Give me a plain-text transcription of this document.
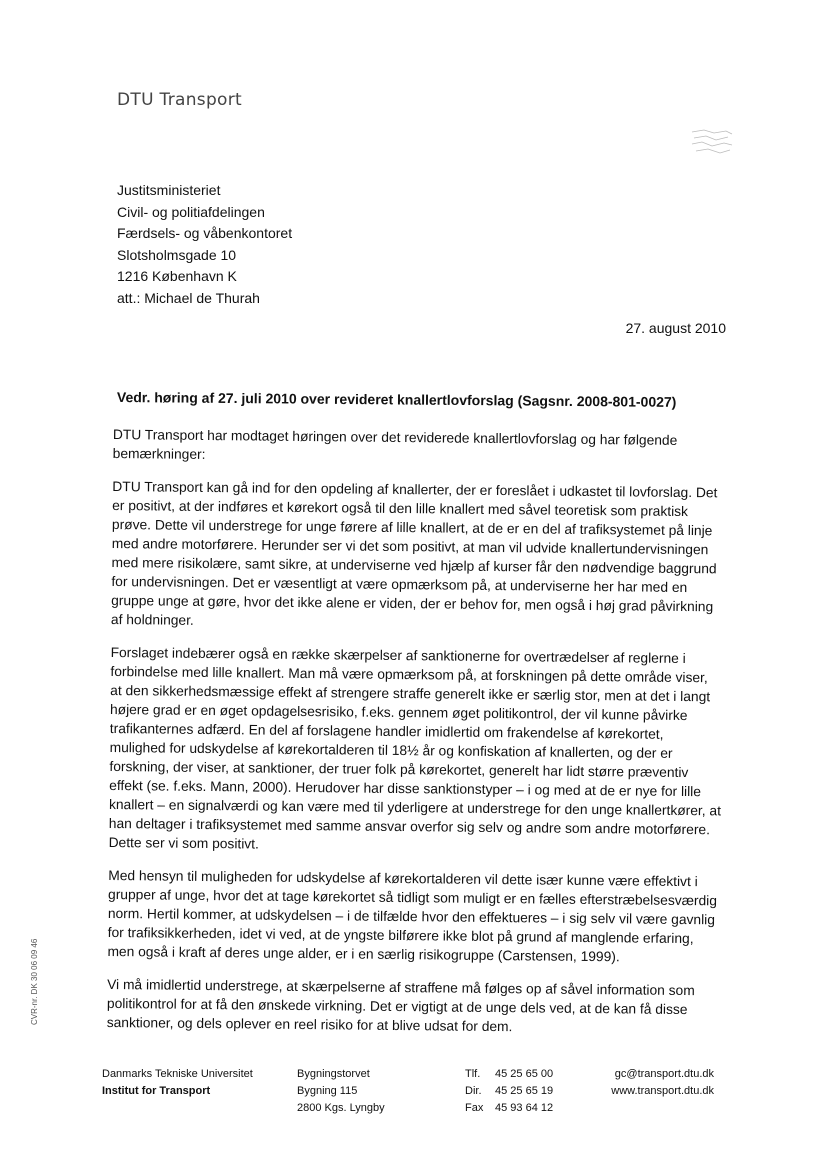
DTU Transport
Justitsministeriet
Civil- og politiafdelingen
Færdsels- og våbenkontoret
Slotsholmsgade 10
1216 København K
att.: Michael de Thurah
27. august 2010
Vedr. høring af 27. juli 2010 over revideret knallertlovforslag (Sagsnr. 2008-801-0027)

DTU Transport har modtaget høringen over det reviderede knallertlovforslag og har følgende bemærkninger:

DTU Transport kan gå ind for den opdeling af knallerter, der er foreslået i udkastet til lovforslag. Det er positivt, at der indføres et kørekort også til den lille knallert med såvel teoretisk som praktisk prøve. Dette vil understrege for unge førere af lille knallert, at de er en del af trafiksystemet på linje med andre motorførere. Herunder ser vi det som positivt, at man vil udvide knallertundervisningen med mere risikolære, samt sikre, at underviserne ved hjælp af kurser får den nødvendige baggrund for undervisningen. Det er væsentligt at være opmærksom på, at underviserne her har med en gruppe unge at gøre, hvor det ikke alene er viden, der er behov for, men også i høj grad påvirkning af holdninger.

Forslaget indebærer også en række skærpelser af sanktionerne for overtrædelser af reglerne i forbindelse med lille knallert. Man må være opmærksom på, at forskningen på dette område viser, at den sikkerhedsmæssige effekt af strengere straffe generelt ikke er særlig stor, men at det i langt højere grad er en øget opdagelsesrisiko, f.eks. gennem øget politikontrol, der vil kunne påvirke trafikanternes adfærd. En del af forslagene handler imidlertid om frakendelse af kørekortet, mulighed for udskydelse af kørekortalderen til 18½ år og konfiskation af knallerten, og der er forskning, der viser, at sanktioner, der truer folk på kørekortet, generelt har lidt større præventiv effekt (se. f.eks. Mann, 2000). Herudover har disse sanktionstyper – i og med at de er nye for lille knallert – en signalværdi og kan være med til yderligere at understrege for den unge knallertkører, at han deltager i trafiksystemet med samme ansvar overfor sig selv og andre som andre motorførere. Dette ser vi som positivt.

Med hensyn til muligheden for udskydelse af kørekortalderen vil dette især kunne være effektivt i grupper af unge, hvor det at tage kørekortet så tidligt som muligt er en fælles efterstræbelsesværdig norm. Hertil kommer, at udskydelsen – i de tilfælde hvor den effektueres – i sig selv vil være gavnlig for trafiksikkerheden, idet vi ved, at de yngste bilførere ikke blot på grund af manglende erfaring, men også i kraft af deres unge alder, er i en særlig risikogruppe (Carstensen, 1999).

Vi må imidlertid understrege, at skærpelserne af straffene må følges op af såvel information som politikontrol for at få den ønskede virkning. Det er vigtigt at de unge dels ved, at de kan få disse sanktioner, og dels oplever en reel risiko for at blive udsat for dem.

CVR-nr. DK 30 06 09 46
Danmarks Tekniske Universitet
Institut for Transport
Bygningstorvet
Bygning 115
2800 Kgs. Lyngby
Tlf.	45 25 65 00
Dir.	45 25 65 19
Fax	45 93 64 12
gc@transport.dtu.dk
www.transport.dtu.dk
